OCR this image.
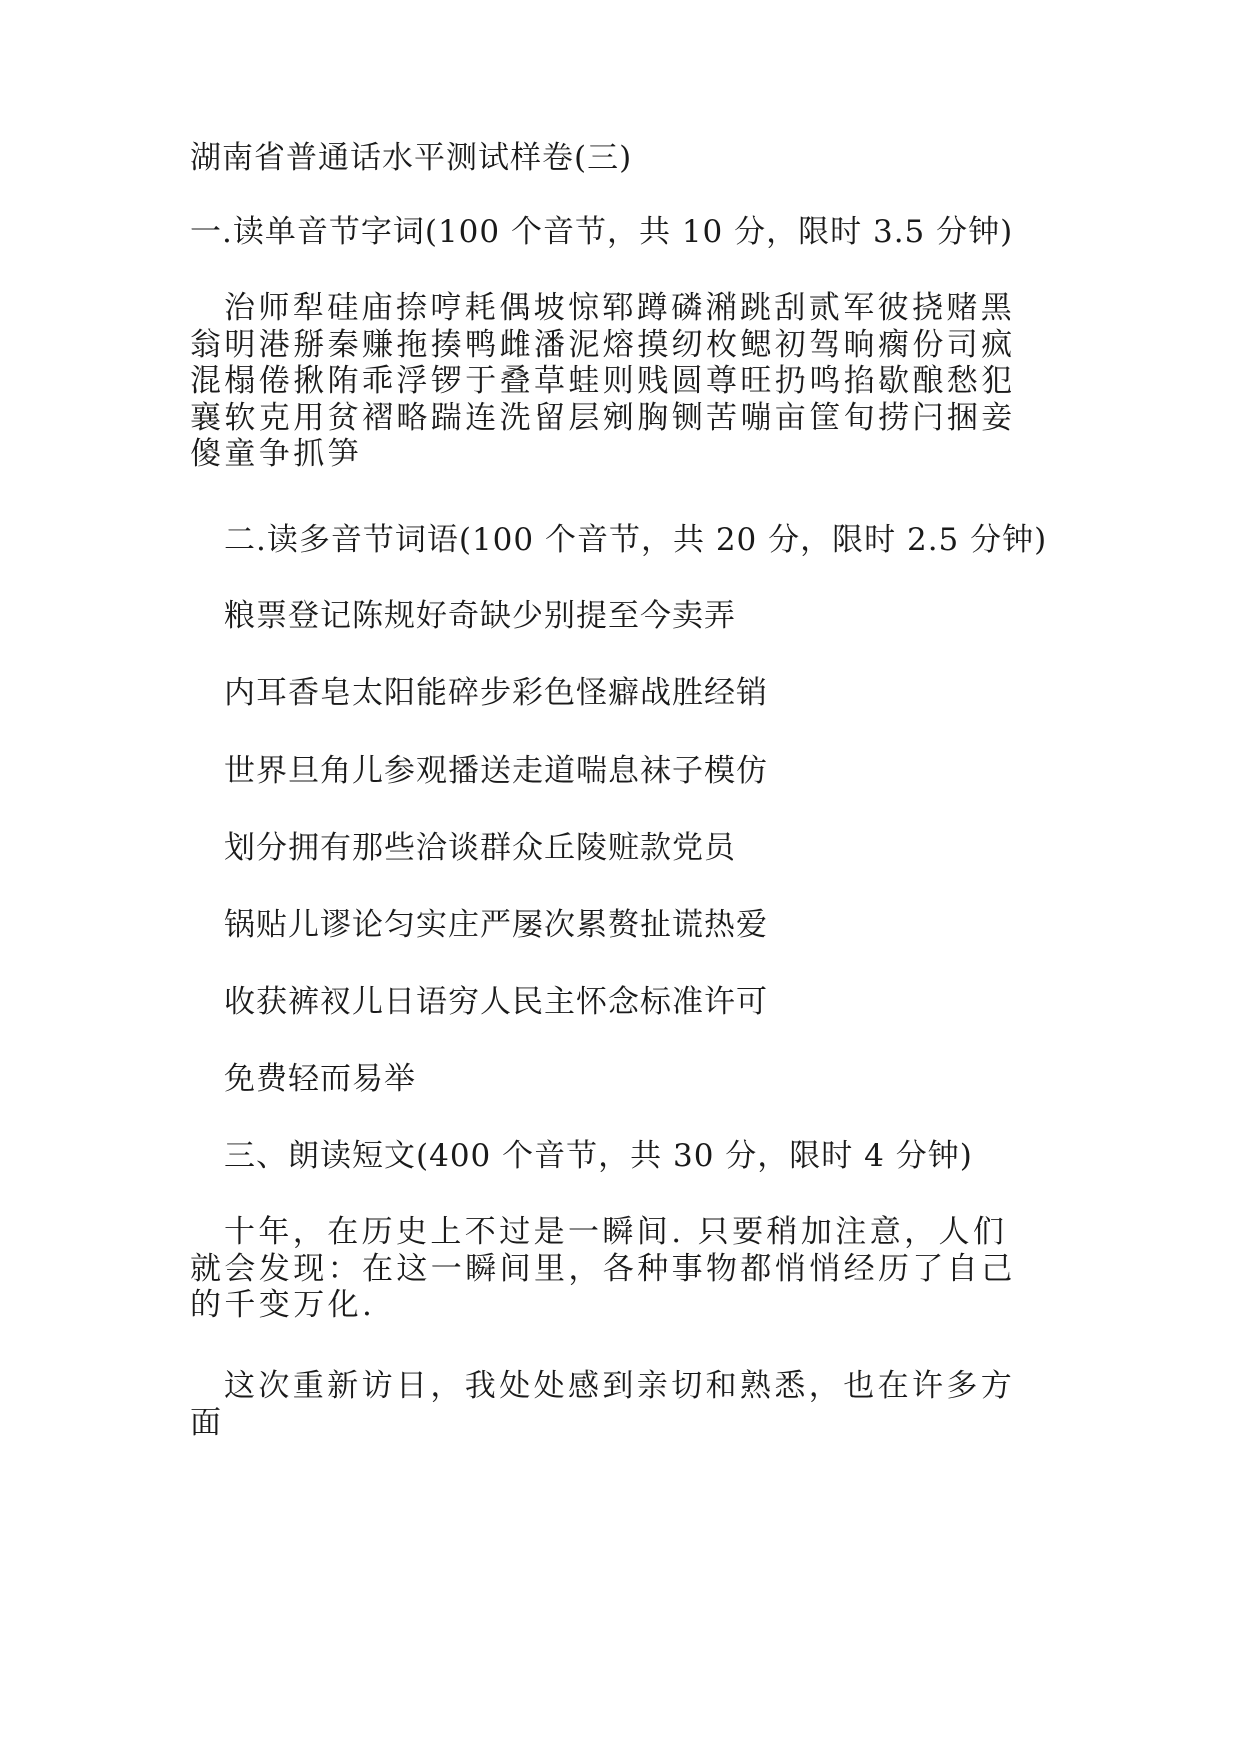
湖南省普通话水平测试样卷(三)
一.读单音节字词(100 个音节，共 10 分，限时 3.5 分钟)
治师犁硅庙捺哼耗偶坡惊郓蹲磷潲跳刮贰军彼挠赌黑翁明港掰秦赚拖揍鸭雌潘泥熔摸纫枚鳃初驾晌瘸份司疯混榻倦揪陏乖浮锣于叠草蛙则贱圆尊旺扔鸣掐歇酿愁犯襄软克用贫褶略踹连洗留层剜胸铡苦嘣亩筐旬捞闩捆妾傻童争抓笋
二.读多音节词语(100 个音节，共 20 分，限时 2.5 分钟)
粮票登记陈规好奇缺少别提至今卖弄
内耳香皂太阳能碎步彩色怪癖战胜经销
世界旦角儿参观播送走道喘息袜子模仿
划分拥有那些洽谈群众丘陵赃款党员
锅贴儿谬论匀实庄严屡次累赘扯谎热爱
收获裤衩儿日语穷人民主怀念标准许可
免费轻而易举
三、朗读短文(400 个音节，共 30 分，限时 4 分钟)
十年，在历史上不过是一瞬间. 只要稍加注意，人们就会发现：在这一瞬间里，各种事物都悄悄经历了自己的千变万化.
这次重新访日，我处处感到亲切和熟悉，也在许多方面
